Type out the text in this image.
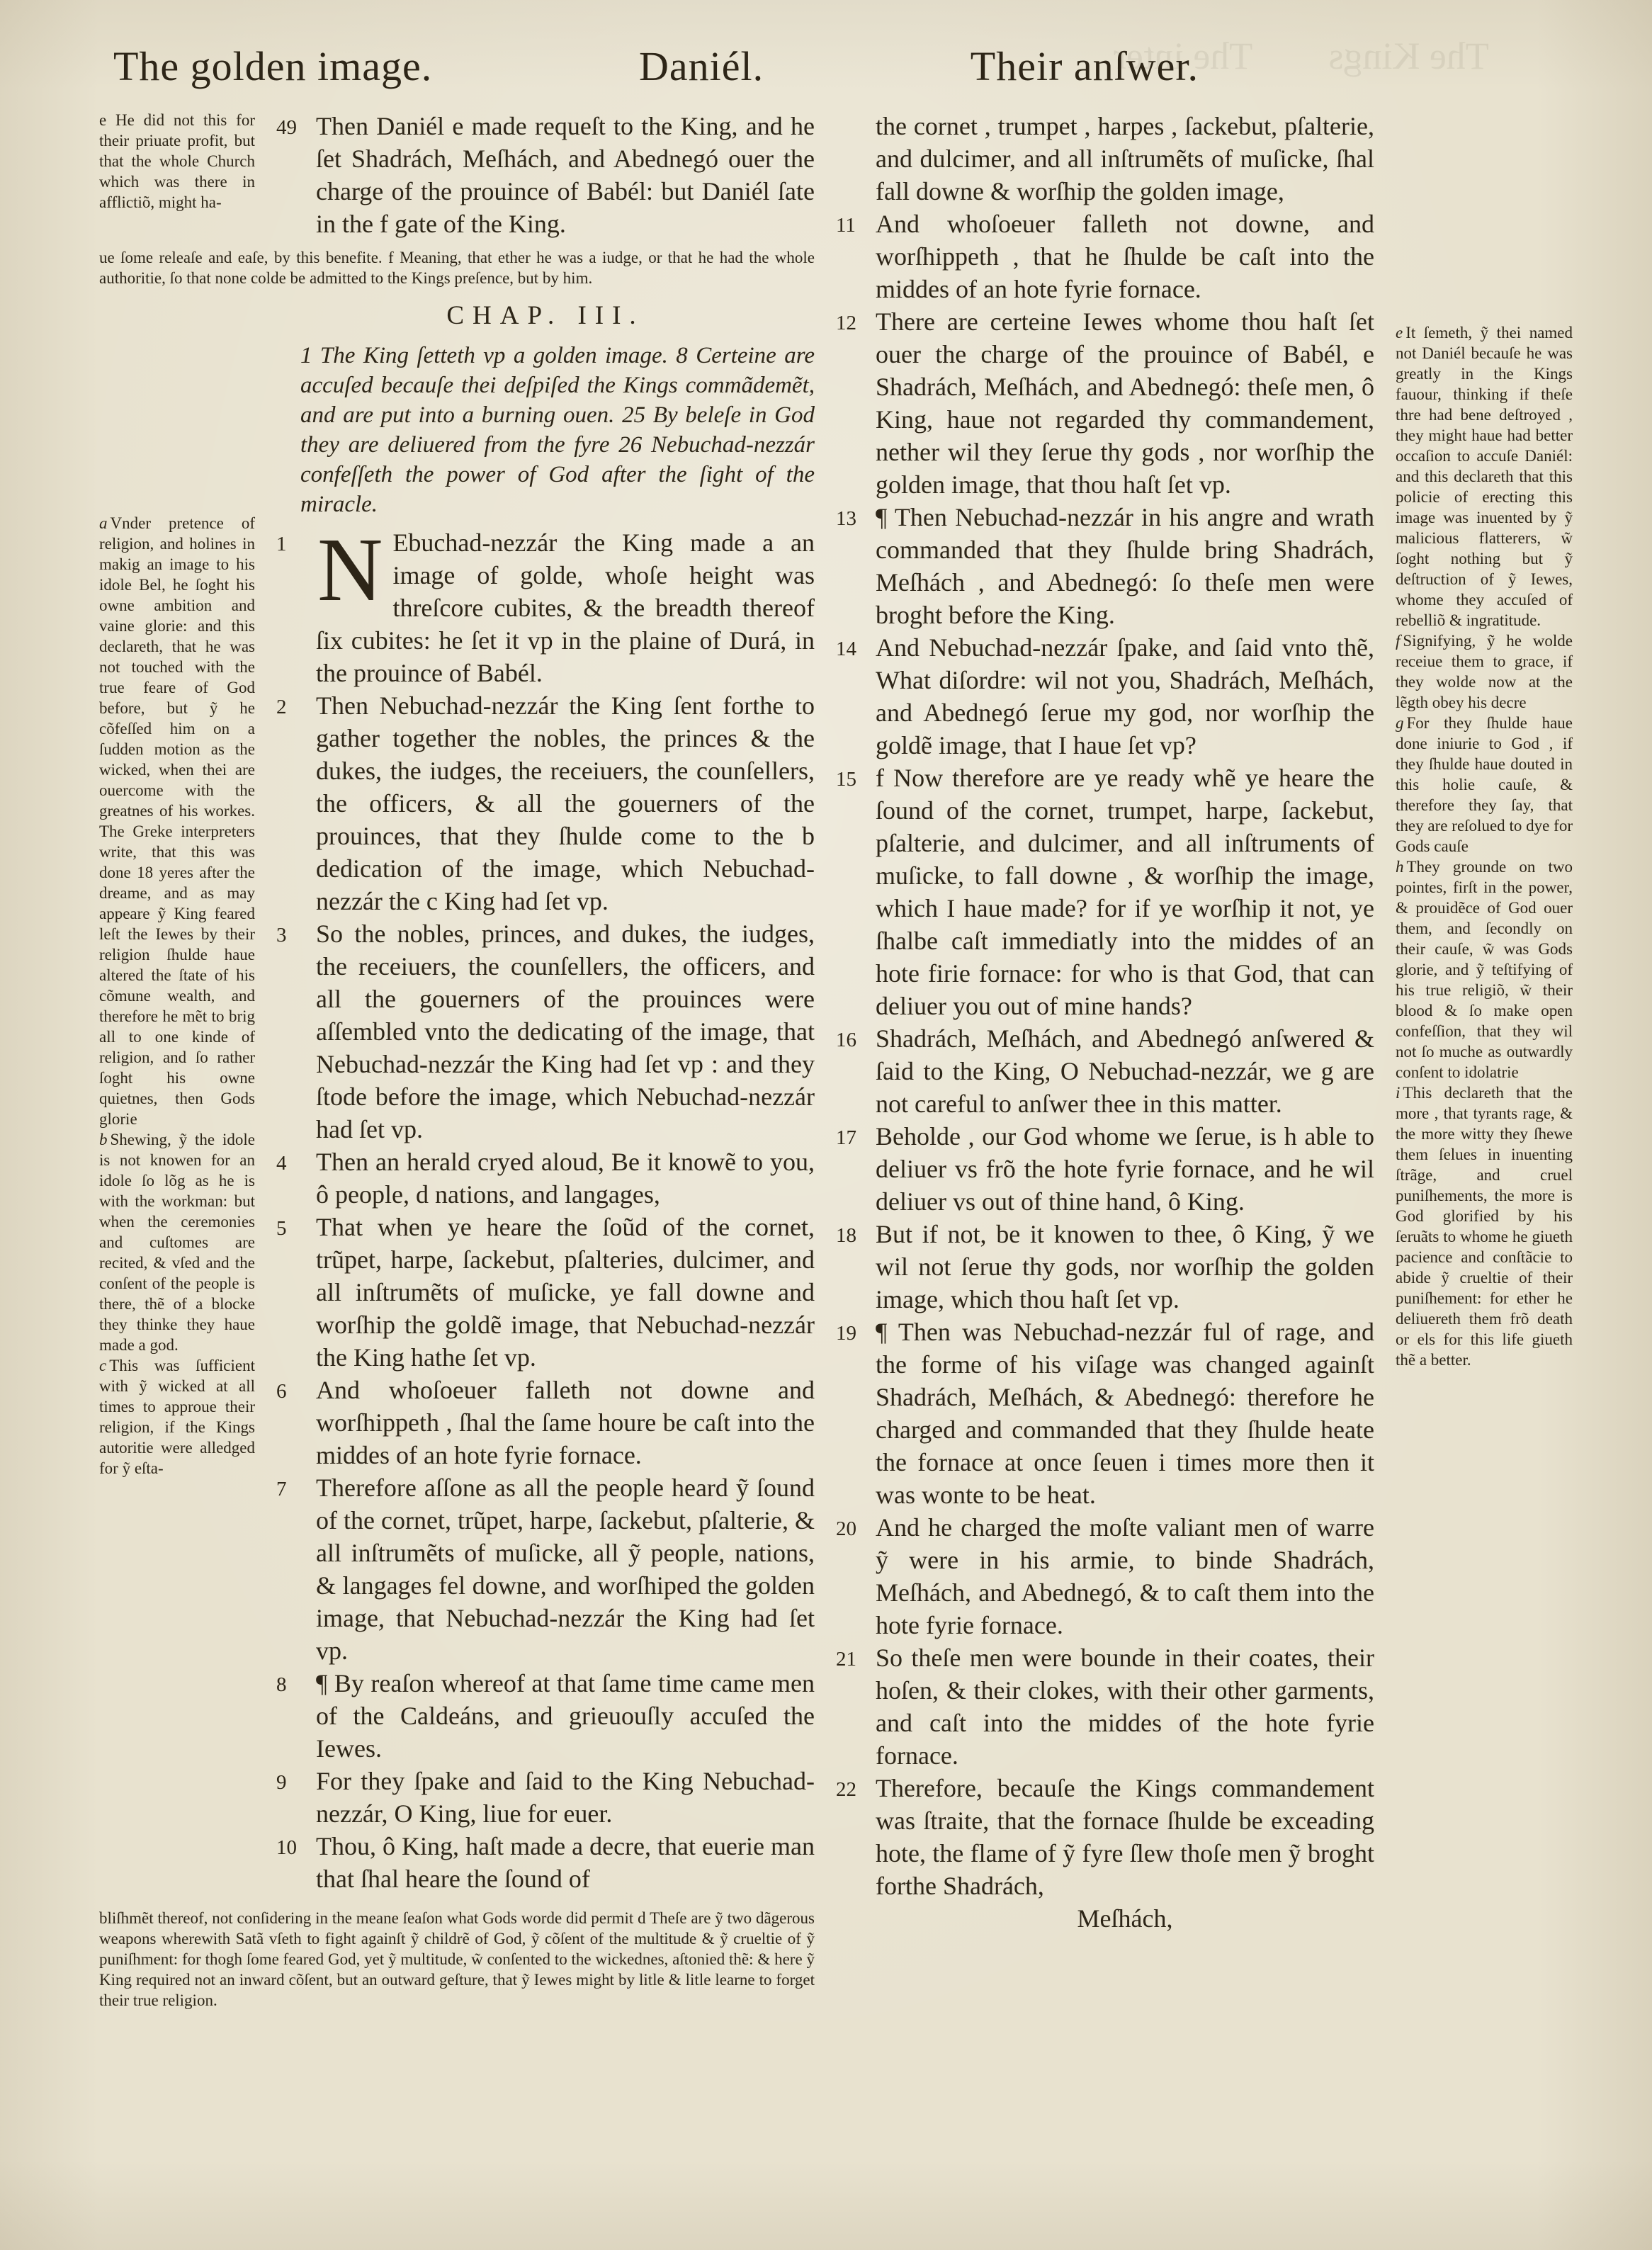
The Kings        The inter
The golden image.	Daniél.	Their anſwer.

e He did not this for their priuate profit, but that the whole Church which was there in afflictiõ, might ha-

a Vnder pretence of religion, and holines in makig an image to his idole Bel, he ſoght his owne ambition and vaine glorie: and this declareth, that he was not touched with the true feare of God before, but ỹ he cõfeſſed him on a ſudden motion as the wicked, when thei are ouercome with the greatnes of his workes. The Greke interpreters write, that this was done 18 yeres after the dreame, and as may appeare ỹ King feared leſt the Iewes by their religion ſhulde haue altered the ſtate of his cõmune wealth, and therefore he mẽt to brig all to one kinde of religion, and ſo rather ſoght his owne quietnes, then Gods glorie

b Shewing, ỹ the idole is not knowen for an idole ſo lõg as he is with the workman: but when the ceremonies and cuſtomes are recited, & vſed and the conſent of the people is there, thẽ of a blocke they thinke they haue made a god.

c This was ſufficient with ỹ wicked at all times to approue their religion, if the Kings autoritie were alledged for ỹ eſta-

49 Then Daniél e made requeſt to the King, and he ſet Shadrách, Meſhách, and Abednegó ouer the charge of the prouince of Babél: but Daniél ſate in the f gate of the King.

ue ſome releaſe and eaſe, by this benefite. f Meaning, that ether he was a iudge, or that he had the whole authoritie, ſo that none colde be admitted to the Kings preſence, but by him.

CHAP. III.

1 The King ſetteth vp a golden image. 8 Certeine are accuſed becauſe thei deſpiſed the Kings commãdemẽt, and are put into a burning ouen. 25 By beleſe in God they are deliuered from the fyre 26 Nebuchad-nezzár confeſſeth the power of God after the ſight of the miracle.

1 N Ebuchad-nezzár the King made a an image of golde, whoſe height was threſcore cubites, & the breadth thereof ſix cubites: he ſet it vp in the plaine of Durá, in the prouince of Babél.
2	Then Nebuchad-nezzár the King ſent forthe to gather together the nobles, the princes & the dukes, the iudges, the receiuers, the counſellers, the officers, & all the gouerners of the prouinces, that they ſhulde come to the b dedication of the image, which Nebuchad-nezzár the c King had ſet vp.
3	So the nobles, princes, and dukes, the iudges, the receiuers, the counſellers, the officers, and all the gouerners of the prouinces were aſſembled vnto the dedicating of the image, that Nebuchad-nezzár the King had ſet vp : and they ſtode before the image, which Nebuchad-nezzár had ſet vp.
4	Then an herald cryed aloud, Be it knowẽ to you, ô people, d nations, and langages,
5	That when ye heare the ſoũd of the cornet, trũpet, harpe, ſackebut, pſalteries, dulcimer, and all inſtrumẽts of muſicke, ye fall downe and worſhip the goldẽ image, that Nebuchad-nezzár the King hathe ſet vp.
6	And whoſoeuer falleth not downe and worſhippeth , ſhal the ſame houre be caſt into the middes of an hote fyrie fornace.
7	Therefore aſſone as all the people heard ỹ ſound of the cornet, trũpet, harpe, ſackebut, pſalterie, & all inſtrumẽts of muſicke, all ỹ people, nations, & langages fel downe, and worſhiped the golden image, that Nebuchad-nezzár the King had ſet vp.
8	¶ By reaſon whereof at that ſame time came men of the Caldeáns, and grieuouſly accuſed the Iewes.
9	For they ſpake and ſaid to the King Nebuchad-nezzár, O King, liue for euer.
10 Thou, ô King, haſt made a decre, that euerie man that ſhal heare the ſound of

bliſhmẽt thereof, not conſidering in the meane ſeaſon what Gods worde did permit d Theſe are ỹ two dãgerous weapons wherewith Satã vſeth to fight againſt ỹ childrẽ of God, ỹ cõſent of the multitude & ỹ crueltie of ỹ puniſhment: for thogh ſome feared God, yet ỹ multitude, w̃ conſented to the wickednes, aſtonied thẽ: & here ỹ King required not an inward cõſent, but an outward geſture, that ỹ Iewes might by litle & litle learne to forget their true religion.

the cornet , trumpet , harpes , ſackebut, pſalterie, and dulcimer, and all inſtrumẽts of muſicke, ſhal fall downe & worſhip the golden image,
11 And whoſoeuer falleth not downe, and worſhippeth , that he ſhulde be caſt into the middes of an hote fyrie fornace.
12 There are certeine Iewes whome thou haſt ſet ouer the charge of the prouince of Babél, e Shadrách, Meſhách, and Abednegó: theſe men, ô King, haue not regarded thy commandement, nether wil they ſerue thy gods , nor worſhip the golden image, that thou haſt ſet vp.
13 ¶ Then Nebuchad-nezzár in his angre and wrath commanded that they ſhulde bring Shadrách, Meſhách , and Abednegó: ſo theſe men were broght before the King.
14 And Nebuchad-nezzár ſpake, and ſaid vnto thẽ, What diſordre: wil not you, Shadrách, Meſhách, and Abednegó ſerue my god, nor worſhip the goldẽ image, that I haue ſet vp?
15 f Now therefore are ye ready whẽ ye heare the ſound of the cornet, trumpet, harpe, ſackebut, pſalterie, and dulcimer, and all inſtruments of muſicke, to fall downe , & worſhip the image, which I haue made? for if ye worſhip it not, ye ſhalbe caſt immediatly into the middes of an hote firie fornace: for who is that God, that can deliuer you out of mine hands?
16 Shadrách, Meſhách, and Abednegó anſwered & ſaid to the King, O Nebuchad-nezzár, we g are not careful to anſwer thee in this matter.
17 Beholde , our God whome we ſerue, is h able to deliuer vs frõ the hote fyrie fornace, and he wil deliuer vs out of thine hand, ô King.
18 But if not, be it knowen to thee, ô King, ỹ we wil not ſerue thy gods, nor worſhip the golden image, which thou haſt ſet vp.
19 ¶ Then was Nebuchad-nezzár ful of rage, and the forme of his viſage was changed againſt Shadrách, Meſhách, & Abednegó: therefore he charged and commanded that they ſhulde heate the fornace at once ſeuen i times more then it was wonte to be heat.
20 And he charged the moſte valiant men of warre ỹ were in his armie, to binde Shadrách, Meſhách, and Abednegó, & to caſt them into the hote fyrie fornace.
21 So theſe men were bounde in their coates, their hoſen, & their clokes, with their other garments, and caſt into the middes of the hote fyrie fornace.
22 Therefore, becauſe the Kings commandement was ſtraite, that the fornace ſhulde be exceading hote, the flame of ỹ fyre ſlew thoſe men ỹ broght forthe Shadrách,

Meſhách,

e It ſemeth, ỹ thei named not Daniél becauſe he was greatly in the Kings fauour, thinking if theſe thre had bene deſtroyed , they might haue had better occaſion to accuſe Daniél: and this declareth that this policie of erecting this image was inuented by ỹ malicious flatterers, w̃ ſoght nothing but ỹ deſtruction of ỹ Iewes, whome they accuſed of rebelliõ & ingratitude.

f Signifying, ỹ he wolde receiue them to grace, if they wolde now at the lẽgth obey his decre

g For they ſhulde haue done iniurie to God , if they ſhulde haue douted in this holie cauſe, & therefore they ſay, that they are reſolued to dye for Gods cauſe

h They grounde on two pointes, firſt in the power, & prouidẽce of God ouer them, and ſecondly on their cauſe, w̃ was Gods glorie, and ỹ teſtifying of his true religiõ, w̃ their blood & ſo make open confeſſion, that they wil not ſo muche as outwardly conſent to idolatrie

i This declareth that the more , that tyrants rage, & the more witty they ſhewe them ſelues in inuenting ſtrãge, and cruel puniſhements, the more is God glorified by his ſeruãts to whome he giueth pacience and conſtãcie to abide ỹ crueltie of their puniſhement: for ether he deliuereth them frõ death or els for this life giueth thẽ a better.
